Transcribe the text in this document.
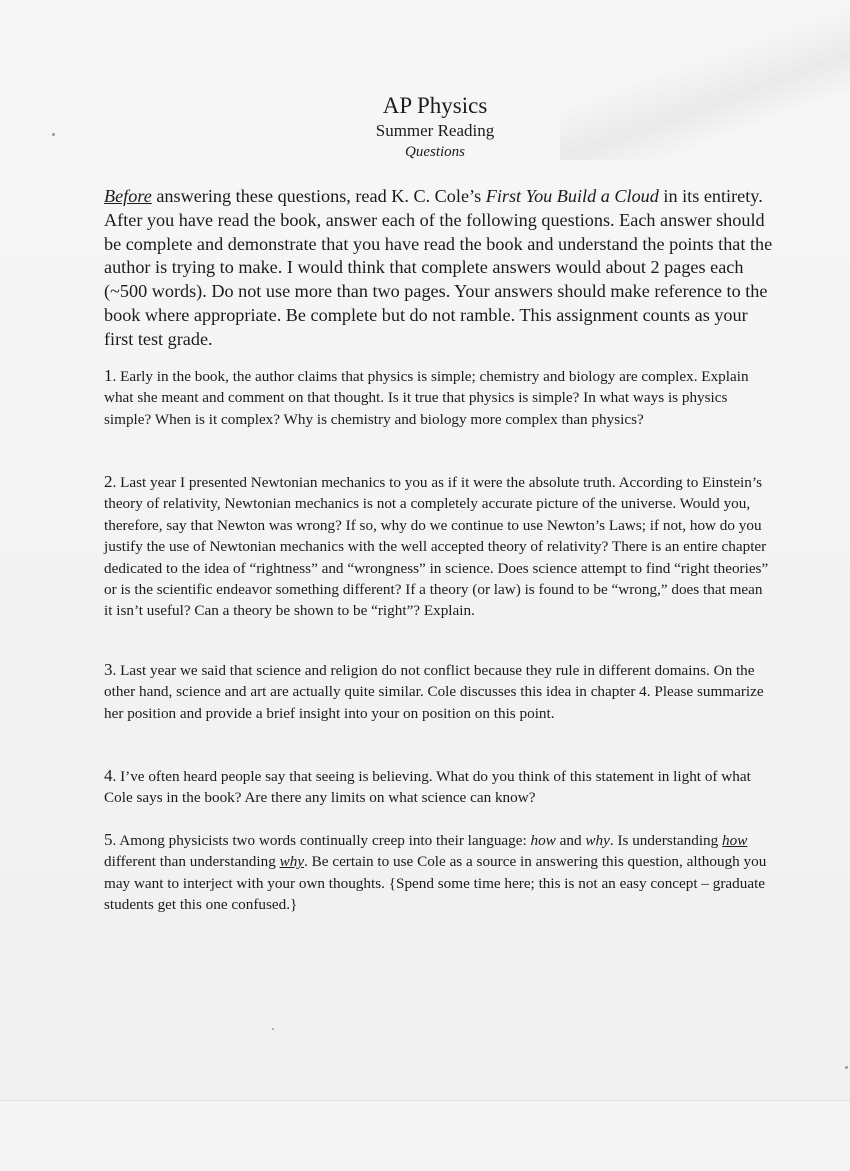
AP Physics
Summer Reading
Questions

Before answering these questions, read K. C. Cole’s First You Build a Cloud in its entirety. After you have read the book, answer each of the following questions. Each answer should be complete and demonstrate that you have read the book and understand the points that the author is trying to make. I would think that complete answers would about 2 pages each (~500 words). Do not use more than two pages. Your answers should make reference to the book where appropriate. Be complete but do not ramble. This assignment counts as your first test grade.

1. Early in the book, the author claims that physics is simple; chemistry and biology are complex. Explain what she meant and comment on that thought. Is it true that physics is simple? In what ways is physics simple? When is it complex? Why is chemistry and biology more complex than physics?

2. Last year I presented Newtonian mechanics to you as if it were the absolute truth. According to Einstein’s theory of relativity, Newtonian mechanics is not a completely accurate picture of the universe. Would you, therefore, say that Newton was wrong? If so, why do we continue to use Newton’s Laws; if not, how do you justify the use of Newtonian mechanics with the well accepted theory of relativity? There is an entire chapter dedicated to the idea of “rightness” and “wrongness” in science. Does science attempt to find “right theories” or is the scientific endeavor something different? If a theory (or law) is found to be “wrong,” does that mean it isn’t useful? Can a theory be shown to be “right”? Explain.

3. Last year we said that science and religion do not conflict because they rule in different domains. On the other hand, science and art are actually quite similar. Cole discusses this idea in chapter 4. Please summarize her position and provide a brief insight into your on position on this point.

4. I’ve often heard people say that seeing is believing. What do you think of this statement in light of what Cole says in the book? Are there any limits on what science can know?

5. Among physicists two words continually creep into their language: how and why. Is understanding how different than understanding why. Be certain to use Cole as a source in answering this question, although you may want to interject with your own thoughts. {Spend some time here; this is not an easy concept – graduate students get this one confused.}
